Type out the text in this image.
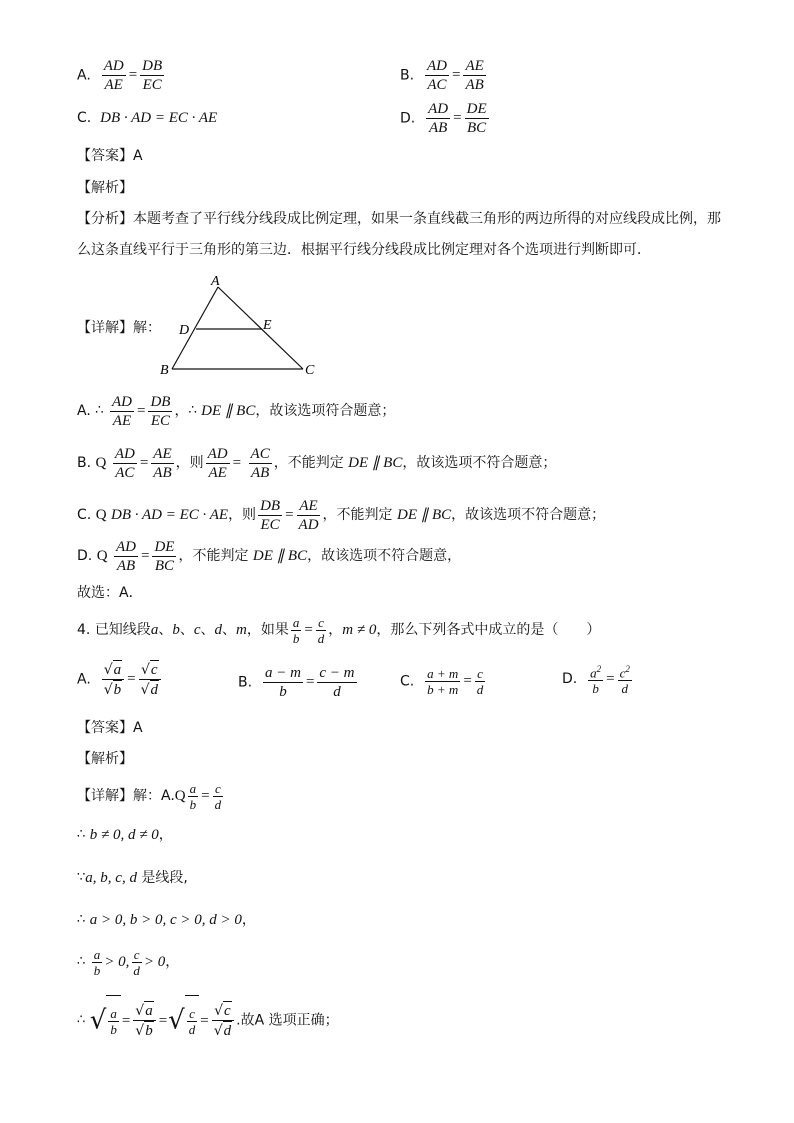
A. $\frac{AD}{AE} = \frac{DB}{EC}$	B. $\frac{AD}{AC} = \frac{AE}{AB}$
C. DB · AD = EC · AE	D. $\frac{AD}{AB} = \frac{DE}{BC}$
【答案】A
【解析】
【分析】本题考查了平行线分线段成比例定理，如果一条直线截三角形的两边所得的对应线段成比例，那
么这条直线平行于三角形的第三边．根据平行线分线段成比例定理对各个选项进行判断即可．
A
B	C
D	E
【详解】解：
A. ∴ $\frac{AD}{AE} = \frac{DB}{EC}$ ，∴ DE ∥ BC，故该选项符合题意；
B. Q $\frac{AD}{AC} = \frac{AE}{AB}$ ，则 $\frac{AD}{AE} = \frac{AC}{AB}$ ，不能判定 DE ∥ BC，故该选项不符合题意；
C. Q DB · AD = EC · AE，则 $\frac{DB}{EC} = \frac{AE}{AD}$ ，不能判定 DE ∥ BC，故该选项不符合题意；
D. Q $\frac{AD}{AB} = \frac{DE}{BC}$ ，不能判定 DE ∥ BC，故该选项不符合题意，
故选：A．
4. 已知线段a、b、c、d、m，如果 $\frac{a}{b} = \frac{c}{d}$ ，m ≠ 0，那么下列各式中成立的是（　　）
A. $\frac{√a}{√b} = \frac{√c}{√d}$	B. $\frac{a - m}{b} = \frac{c - m}{d}$	C. $\frac{a + m}{b + m} = \frac{c}{d}$	D. $\frac{a^2}{b} = \frac{c^2}{d}$
【答案】A
【解析】
【详解】解：$A.Q \frac{a}{b} = \frac{c}{d}$
∴ b ≠ 0, d ≠ 0，
∵a, b, c, d 是线段,
∴ a > 0, b > 0, c > 0, d > 0，
∴ $\frac{a}{b} > 0$, $\frac{c}{d} > 0$，
∴ √ $\frac{a}{b} = \frac{√a}{√b}$ =√ $\frac{c}{d} = \frac{√c}{√d}$ .故A 选项正确；
